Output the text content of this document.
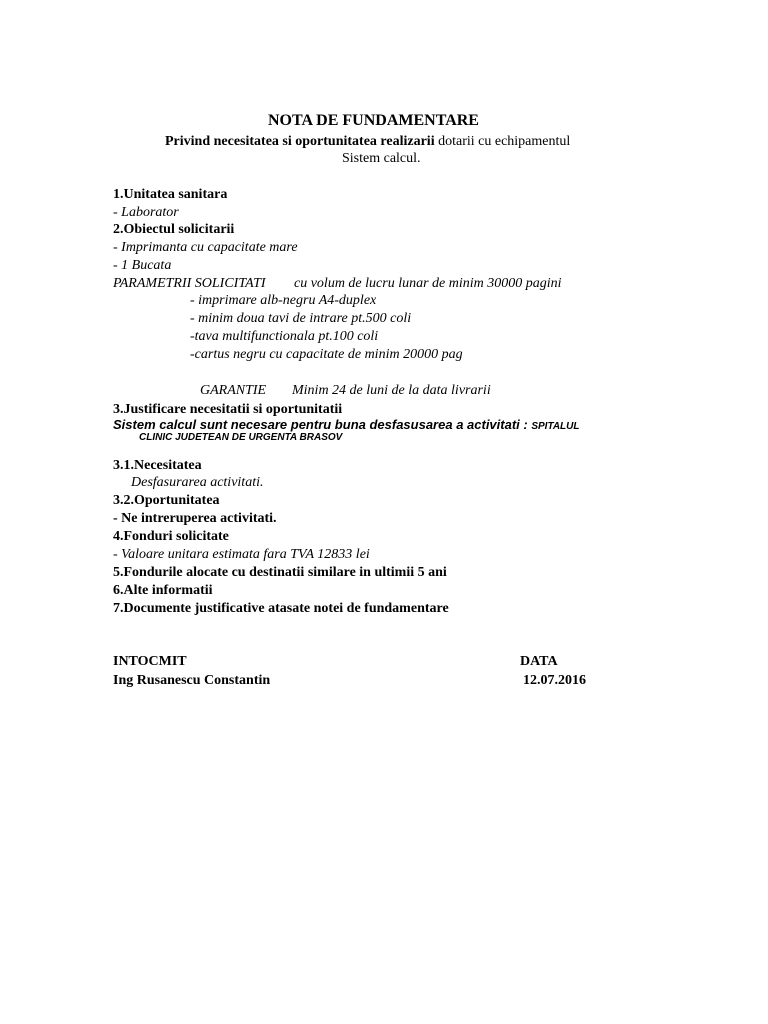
NOTA DE FUNDAMENTARE
Privind necesitatea si oportunitatea realizarii dotarii cu echipamentul
Sistem calcul.
1.Unitatea sanitara
- Laborator
2.Obiectul solicitarii
- Imprimanta cu capacitate mare
- 1 Bucata
PARAMETRII SOLICITATI cu volum de lucru lunar de minim 30000 pagini
- imprimare alb-negru A4-duplex
- minim doua tavi de intrare pt.500 coli
-tava multifunctionala pt.100 coli
-cartus negru cu capacitate de minim 20000 pag
GARANTIE Minim 24 de luni de la data livrarii
3.Justificare necesitatii si oportunitatii
Sistem calcul sunt necesare pentru buna desfasusarea a activitati : SPITALUL
CLINIC JUDETEAN DE URGENTA BRASOV
3.1.Necesitatea
Desfasurarea activitati.
3.2.Oportunitatea
- Ne intreruperea activitati.
4.Fonduri solicitate
- Valoare unitara estimata fara TVA 12833 lei
5.Fondurile alocate cu destinatii similare in ultimii 5 ani
6.Alte informatii
7.Documente justificative atasate notei de fundamentare
INTOCMIT
Ing Rusanescu Constantin
DATA
12.07.2016
